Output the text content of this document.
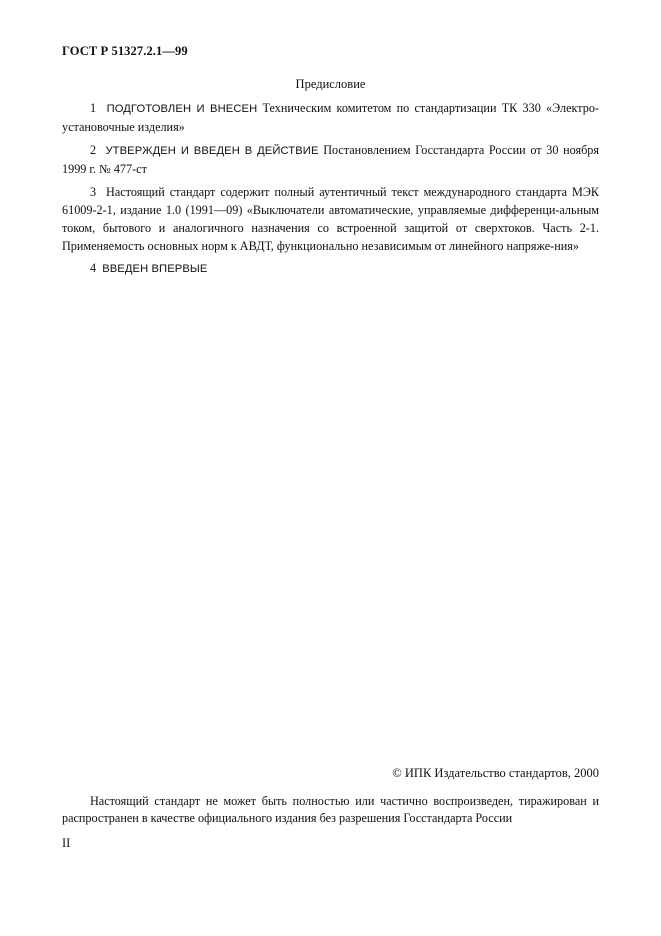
ГОСТ Р 51327.2.1—99
Предисловие
1 ПОДГОТОВЛЕН И ВНЕСЕН Техническим комитетом по стандартизации ТК 330 «Электро-установочные изделия»
2 УТВЕРЖДЕН И ВВЕДЕН В ДЕЙСТВИЕ Постановлением Госстандарта России от 30 ноября 1999 г. № 477-ст
3 Настоящий стандарт содержит полный аутентичный текст международного стандарта МЭК 61009-2-1, издание 1.0 (1991—09) «Выключатели автоматические, управляемые дифференци-альным током, бытового и аналогичного назначения со встроенной защитой от сверхтоков. Часть 2-1. Применяемость основных норм к АВДТ, функционально независимым от линейного напряже-ния»
4 ВВЕДЕН ВПЕРВЫЕ
© ИПК Издательство стандартов, 2000
Настоящий стандарт не может быть полностью или частично воспроизведен, тиражирован и распространен в качестве официального издания без разрешения Госстандарта России
II
